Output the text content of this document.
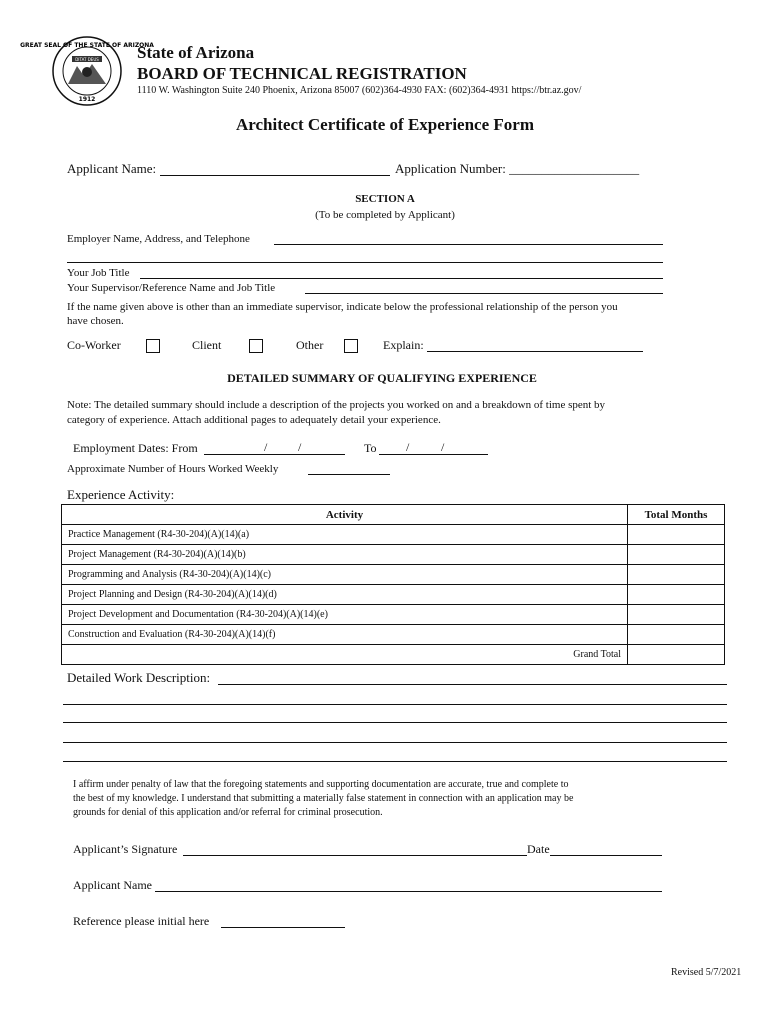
GREAT SEAL OF THE STATE OF ARIZONA
DITAT DEUS
1912
State of Arizona
BOARD OF TECHNICAL REGISTRATION
1110 W. Washington Suite 240 Phoenix, Arizona 85007 (602)364-4930 FAX: (602)364-4931 https://btr.az.gov/
Architect Certificate of Experience Form
Applicant Name:	Application Number: ____________________
SECTION A
(To be completed by Applicant)
Employer Name, Address, and Telephone
Your Job Title
Your Supervisor/Reference Name and Job Title
If the name given above is other than an immediate supervisor, indicate below the professional relationship of the person you
have chosen.
Co-Worker	Client	Other	Explain:
DETAILED SUMMARY OF QUALIFYING EXPERIENCE
Note: The detailed summary should include a description of the projects you worked on and a breakdown of time spent by
category of experience. Attach additional pages to adequately detail your experience.
Employment Dates: From	/	/	To /	/
Approximate Number of Hours Worked Weekly
Experience Activity:
Activity	Total Months
Practice Management (R4-30-204)(A)(14)(a)	
Project Management (R4-30-204)(A)(14)(b)	
Programming and Analysis (R4-30-204)(A)(14)(c)	
Project Planning and Design (R4-30-204)(A)(14)(d)	
Project Development and Documentation (R4-30-204)(A)(14)(e)	
Construction and Evaluation (R4-30-204)(A)(14)(f)	
Grand Total	
Detailed Work Description:
I affirm under penalty of law that the foregoing statements and supporting documentation are accurate, true and complete to
the best of my knowledge. I understand that submitting a materially false statement in connection with an application may be
grounds for denial of this application and/or referral for criminal prosecution.
Applicant’s Signature	Date
Applicant Name
Reference please initial here
Revised 5/7/2021
